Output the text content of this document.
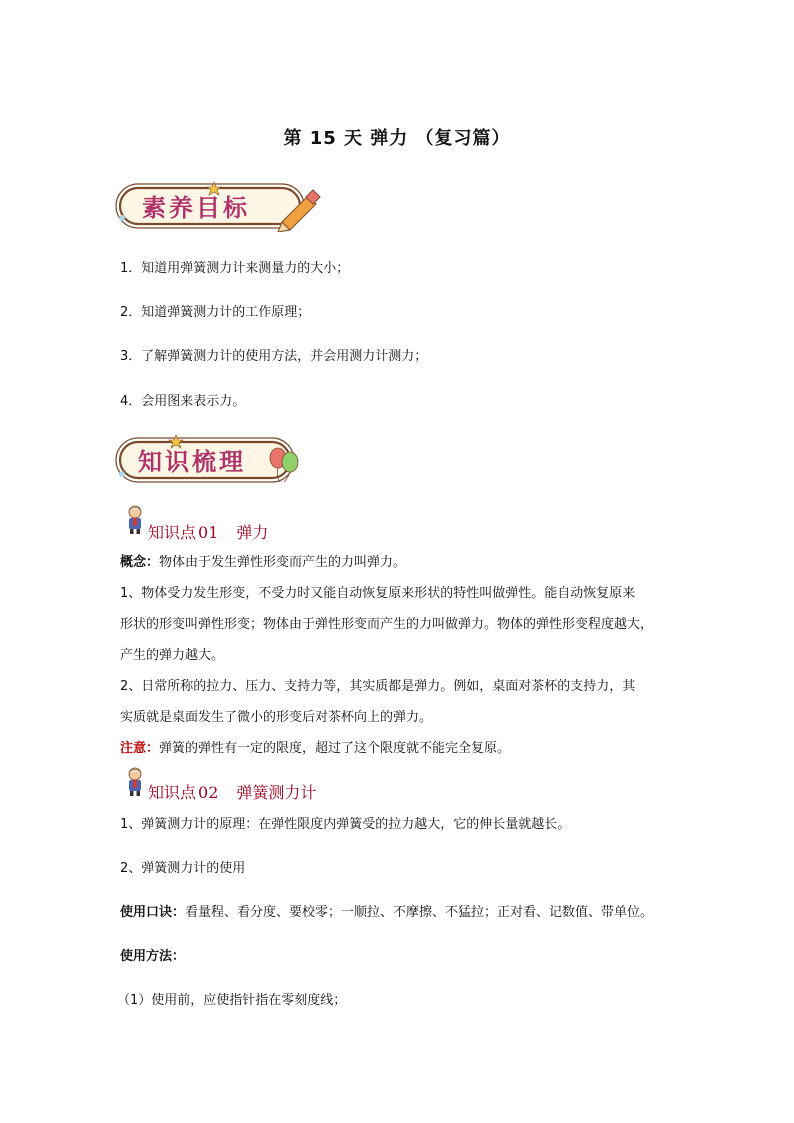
第 15 天 弹力 （复习篇）
素养目标
1．知道用弹簧测力计来测量力的大小；
2．知道弹簧测力计的工作原理；
3．了解弹簧测力计的使用方法，并会用测力计测力；
4．会用图来表示力。
知识梳理
知识点 01 弹力
概念：物体由于发生弹性形变而产生的力叫弹力。
1、物体受力发生形变，不受力时又能自动恢复原来形状的特性叫做弹性。能自动恢复原来
形状的形变叫弹性形变；物体由于弹性形变而产生的力叫做弹力。物体的弹性形变程度越大，
产生的弹力越大。
2、日常所称的拉力、压力、支持力等，其实质都是弹力。例如，桌面对茶杯的支持力，其
实质就是桌面发生了微小的形变后对茶杯向上的弹力。
注意：弹簧的弹性有一定的限度，超过了这个限度就不能完全复原。
知识点 02 弹簧测力计
1、弹簧测力计的原理：在弹性限度内弹簧受的拉力越大，它的伸长量就越长。
2、弹簧测力计的使用
使用口诀：看量程、看分度、要校零；一顺拉、不摩擦、不猛拉；正对看、记数值、带单位。
使用方法：
（1）使用前，应使指针指在零刻度线；
